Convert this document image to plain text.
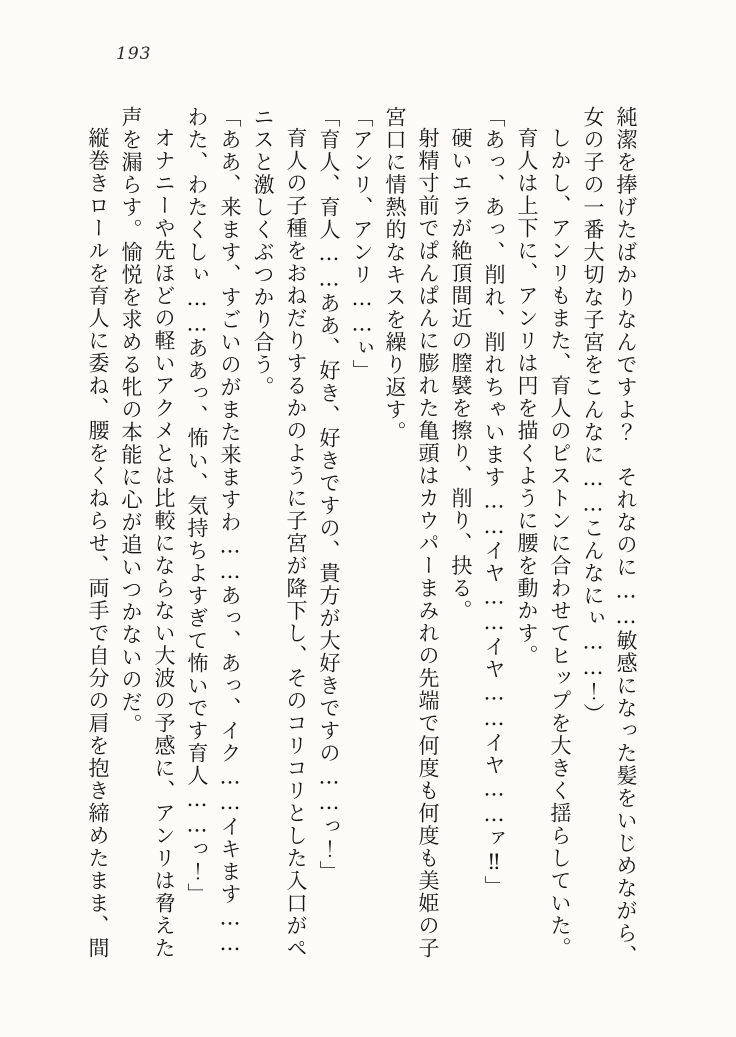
193

純潔を捧げたばかりなんですよ？　それなのに……敏感になった髪をいじめながら、女の子の一番大切な子宮をこんなに……こんなにぃ……！）

しかし、アンリもまた、育人のピストンに合わせてヒップを大きく揺らしていた。

育人は上下に、アンリは円を描くように腰を動かす。

「あっ、あっ、削れ、削れちゃいます……イヤ……イヤ……イヤ……ァ‼」

硬いエラが絶頂間近の膣襞を擦り、削り、抉る。

射精寸前でぱんぱんに膨れた亀頭はカウパーまみれの先端で何度も何度も美姫の子宮口に情熱的なキスを繰り返す。

「アンリ、アンリ……ぃ」

「育人、育人……ああ、好き、好きですの、貴方が大好きですの……っ！」

育人の子種をおねだりするかのように子宮が降下し、そのコリコリとした入口がペニスと激しくぶつかり合う。

「ああ、来ます、すごいのがまた来ますわ……あっ、あっ、イク……イキます……わた、わたくしぃ……ああっ、怖い、気持ちよすぎて怖いです育人……っ！」

オナニーや先ほどの軽いアクメとは比較にならない大波の予感に、アンリは脅えた声を漏らす。愉悦を求める牝の本能に心が追いつかないのだ。

縦巻きロールを育人に委ね、腰をくねらせ、両手で自分の肩を抱き締めたまま、間
